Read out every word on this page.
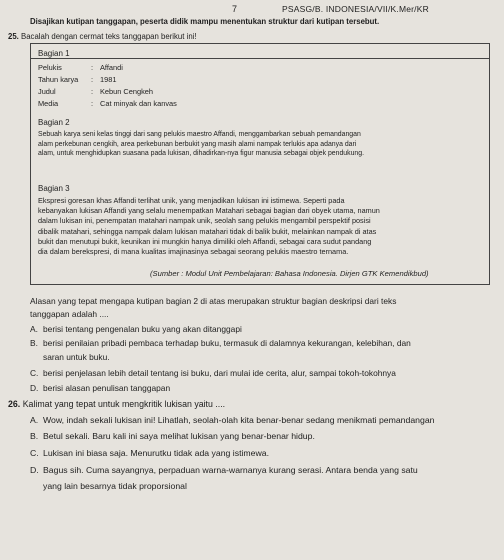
7	PSASG/B. INDONESIA/VII/K.Mer/KR
Disajikan kutipan tanggapan, peserta didik mampu menentukan struktur dari kutipan tersebut.
25. Bacalah dengan cermat teks tanggapan berikut ini!
Bagian 1
Pelukis	: Affandi
Tahun karya : 1981
Judul	: Kebun Cengkeh
Media	: Cat minyak dan kanvas
Bagian 2
Sebuah karya seni kelas tinggi dari sang pelukis maestro Affandi, menggambarkan sebuah pemandangan
alam perkebunan cengkih, area perkebunan berbukit yang masih alami nampak terlukis apa adanya dari
alam, untuk menghidupkan suasana pada lukisan, dihadirkan-nya figur manusia sebagai objek pendukung.
Bagian 3
Ekspresi goresan khas Affandi terlihat unik, yang menjadikan lukisan ini istimewa. Seperti pada
kebanyakan lukisan Affandi yang selalu menempatkan Matahari sebagai bagian dari obyek utama, namun
dalam lukisan ini, penempatan matahari nampak unik, seolah sang pelukis mengambil perspektif posisi
dibalik matahari, sehingga nampak dalam lukisan matahari tidak di balik bukit, melainkan nampak di atas
bukit dan menutupi bukit, keunikan ini mungkin hanya dimiliki oleh Affandi, sebagai cara sudut pandang
dia dalam berekspresi, di mana kualitas imajinasinya sebagai seorang pelukis maestro ternama.
(Sumber : Modul Unit Pembelajaran: Bahasa Indonesia. Dirjen GTK Kemendikbud)
Alasan yang tepat mengapa kutipan bagian 2 di atas merupakan struktur bagian deskripsi dari teks
tanggapan adalah ....
A. berisi tentang pengenalan buku yang akan ditanggapi
B. berisi penilaian pribadi pembaca terhadap buku, termasuk di dalamnya kekurangan, kelebihan, dan
saran untuk buku.
C. berisi penjelasan lebih detail tentang isi buku, dari mulai ide cerita, alur, sampai tokoh-tokohnya
D. berisi alasan penulisan tanggapan
26. Kalimat yang tepat untuk mengkritik lukisan yaitu ....
A. Wow, indah sekali lukisan ini! Lihatlah, seolah-olah kita benar-benar sedang menikmati pemandangan
B. Betul sekali. Baru kali ini saya melihat lukisan yang benar-benar hidup.
C. Lukisan ini biasa saja. Menurutku tidak ada yang istimewa.
D. Bagus sih. Cuma sayangnya, perpaduan warna-warnanya kurang serasi. Antara benda yang satu
yang lain besarnya tidak proporsional
